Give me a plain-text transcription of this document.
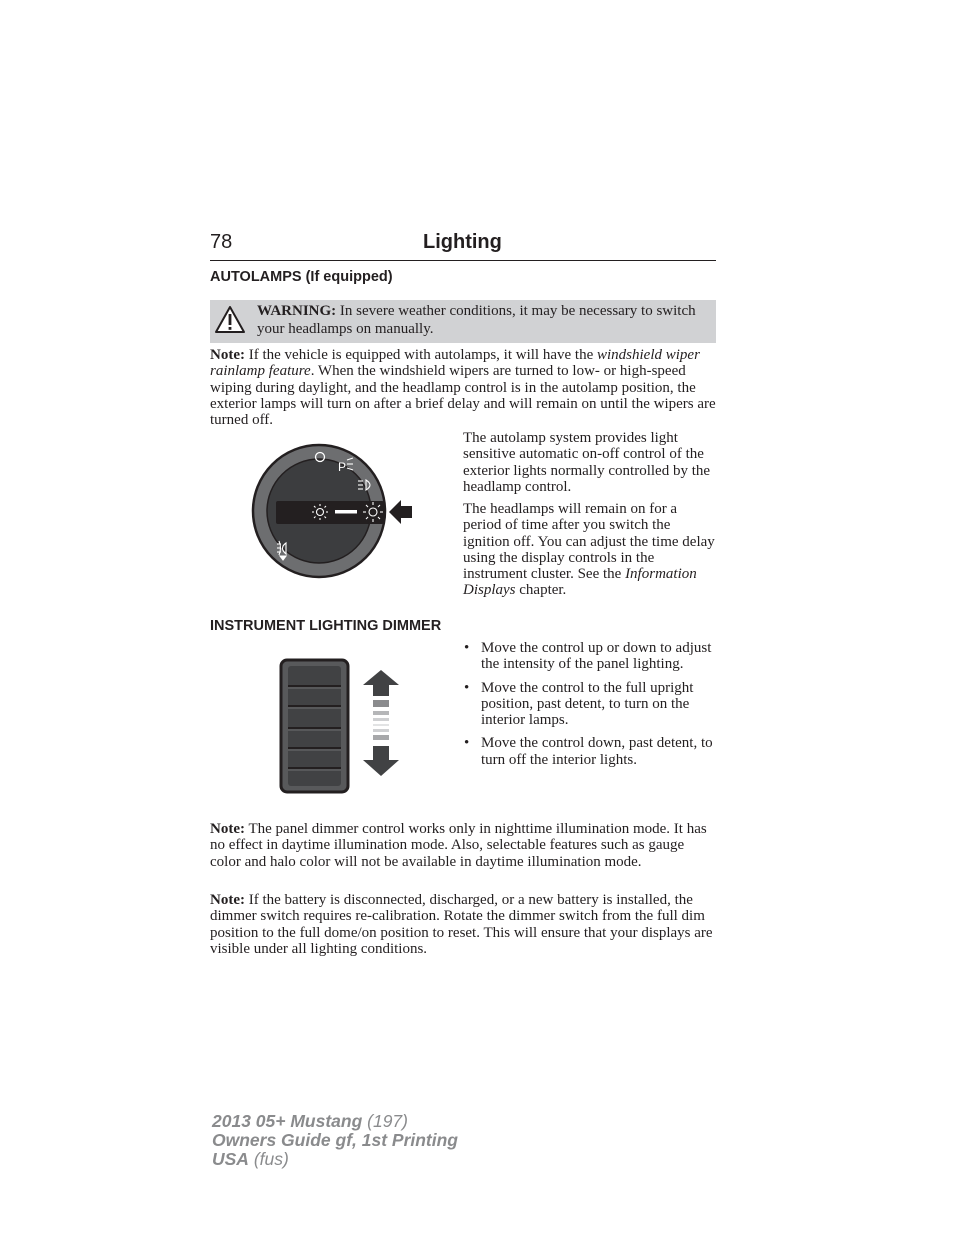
78	Lighting
AUTOLAMPS (If equipped)
WARNING: In severe weather conditions, it may be necessary to switch your headlamps on manually.
Note: If the vehicle is equipped with autolamps, it will have the windshield wiper rainlamp feature. When the windshield wipers are turned to low- or high-speed wiping during daylight, and the headlamp control is in the autolamp position, the exterior lamps will turn on after a brief delay and will remain on until the wipers are turned off.
P
The autolamp system provides light sensitive automatic on-off control of the exterior lights normally controlled by the headlamp control.
The headlamps will remain on for a period of time after you switch the ignition off. You can adjust the time delay using the display controls in the instrument cluster. See the Information Displays chapter.
INSTRUMENT LIGHTING DIMMER
• Move the control up or down to adjust the intensity of the panel lighting.
• Move the control to the full upright position, past detent, to turn on the interior lamps.
• Move the control down, past detent, to turn off the interior lights.
Note: The panel dimmer control works only in nighttime illumination mode. It has no effect in daytime illumination mode. Also, selectable features such as gauge color and halo color will not be available in daytime illumination mode.
Note: If the battery is disconnected, discharged, or a new battery is installed, the dimmer switch requires re-calibration. Rotate the dimmer switch from the full dim position to the full dome/on position to reset. This will ensure that your displays are visible under all lighting conditions.
2013 05+ Mustang (197)
Owners Guide gf, 1st Printing
USA (fus)
